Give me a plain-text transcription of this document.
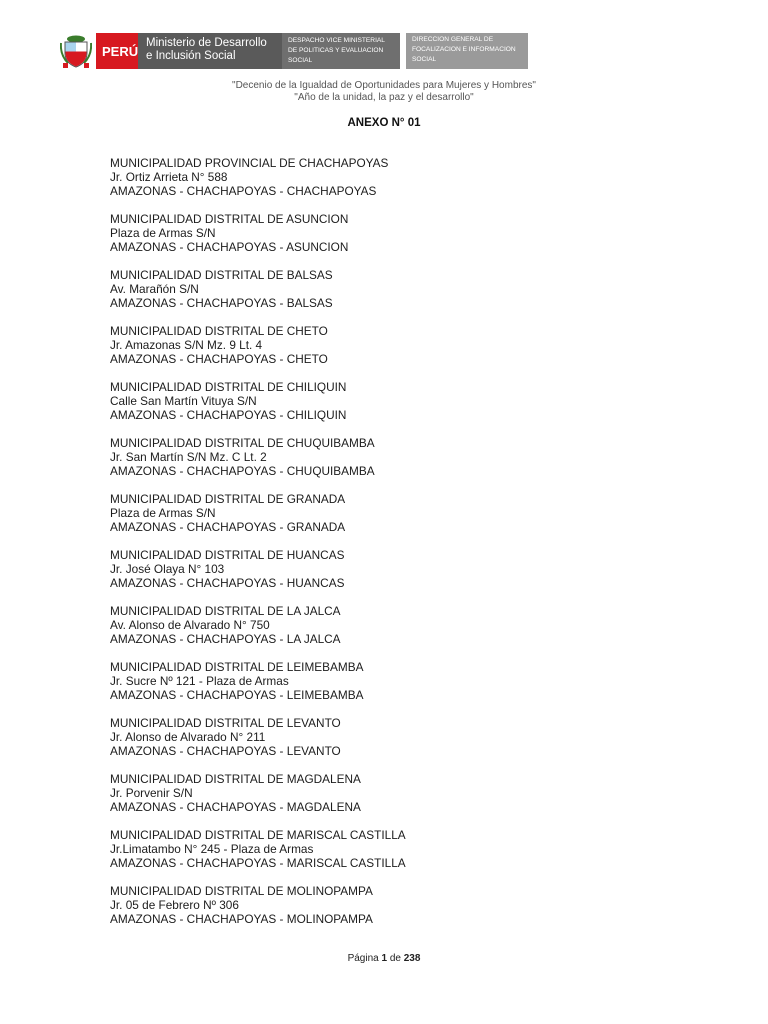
Ministerio de Desarrollo
e Inclusión Social
PERÚ
DESPACHO VICE MINISTERIAL
DE POLITICAS Y EVALUACION
SOCIAL
DIRECCION GENERAL DE
FOCALIZACION E INFORMACION
SOCIAL
"Decenio de la Igualdad de Oportunidades para Mujeres y Hombres"
"Año de la unidad, la paz y el desarrollo"
ANEXO N° 01
MUNICIPALIDAD PROVINCIAL DE CHACHAPOYAS
Jr. Ortiz Arrieta N° 588
AMAZONAS - CHACHAPOYAS - CHACHAPOYAS
MUNICIPALIDAD DISTRITAL DE ASUNCION
Plaza de Armas S/N
AMAZONAS - CHACHAPOYAS - ASUNCION
MUNICIPALIDAD DISTRITAL DE BALSAS
Av. Marañón S/N
AMAZONAS - CHACHAPOYAS - BALSAS
MUNICIPALIDAD DISTRITAL DE CHETO
Jr. Amazonas S/N Mz. 9 Lt. 4
AMAZONAS - CHACHAPOYAS - CHETO
MUNICIPALIDAD DISTRITAL DE CHILIQUIN
Calle San Martín Vituya S/N
AMAZONAS - CHACHAPOYAS - CHILIQUIN
MUNICIPALIDAD DISTRITAL DE CHUQUIBAMBA
Jr. San Martín S/N Mz. C Lt. 2
AMAZONAS - CHACHAPOYAS - CHUQUIBAMBA
MUNICIPALIDAD DISTRITAL DE GRANADA
Plaza de Armas S/N
AMAZONAS - CHACHAPOYAS - GRANADA
MUNICIPALIDAD DISTRITAL DE HUANCAS
Jr. José Olaya N° 103
AMAZONAS - CHACHAPOYAS - HUANCAS
MUNICIPALIDAD DISTRITAL DE LA JALCA
Av. Alonso de Alvarado N° 750
AMAZONAS - CHACHAPOYAS - LA JALCA
MUNICIPALIDAD DISTRITAL DE LEIMEBAMBA
Jr. Sucre Nº 121 - Plaza de Armas
AMAZONAS - CHACHAPOYAS - LEIMEBAMBA
MUNICIPALIDAD DISTRITAL DE LEVANTO
Jr. Alonso de Alvarado N° 211
AMAZONAS - CHACHAPOYAS - LEVANTO
MUNICIPALIDAD DISTRITAL DE MAGDALENA
Jr. Porvenir S/N
AMAZONAS - CHACHAPOYAS - MAGDALENA
MUNICIPALIDAD DISTRITAL DE MARISCAL CASTILLA
Jr.Limatambo N° 245 - Plaza de Armas
AMAZONAS - CHACHAPOYAS - MARISCAL CASTILLA
MUNICIPALIDAD DISTRITAL DE MOLINOPAMPA
Jr. 05 de Febrero Nº 306
AMAZONAS - CHACHAPOYAS - MOLINOPAMPA
Página 1 de 238
